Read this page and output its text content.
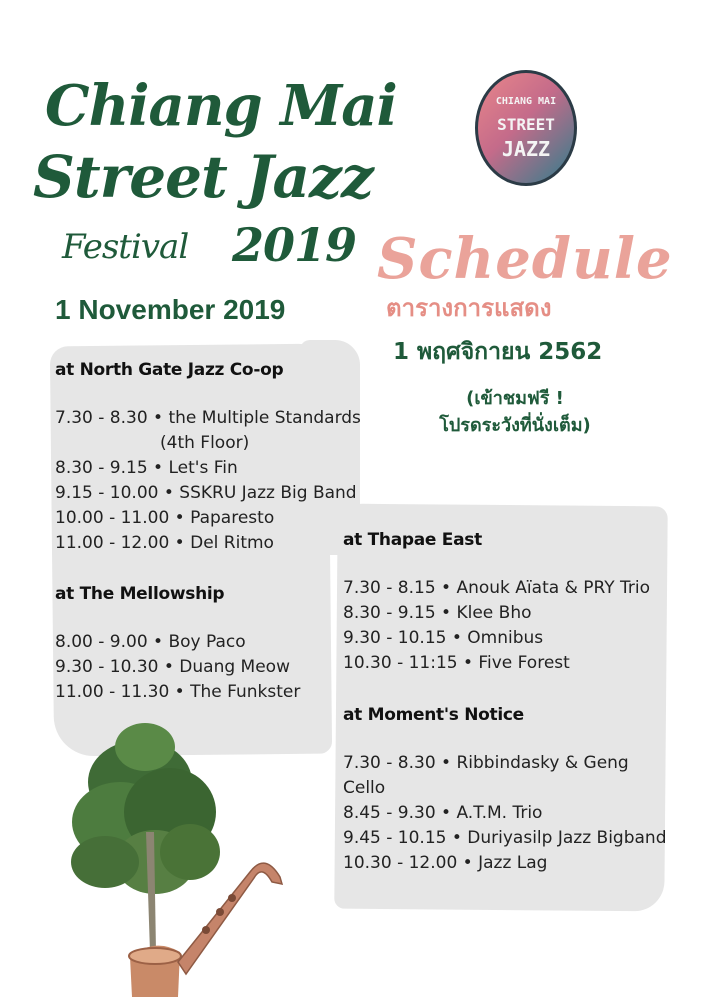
Chiang Mai
Street Jazz
Festival 2019
CHIANG MAI
STREET
JAZZ
1 November 2019
Schedule
ตารางการแสดง
1 พฤศจิกายน 2562
(เข้าชมฟรี !
โปรดระวังที่นั่งเต็ม)
at North Gate Jazz Co-op
7.30 - 8.30 • the Multiple Standards
(4th Floor)
8.30 - 9.15 • Let's Fin
9.15 - 10.00 • SSKRU Jazz Big Band
10.00 - 11.00 • Paparesto
11.00 - 12.00 • Del Ritmo
at The Mellowship
8.00 - 9.00 • Boy Paco
9.30 - 10.30 • Duang Meow
11.00 - 11.30 • The Funkster
at Thapae East
7.30 - 8.15 • Anouk Aïata & PRY Trio
8.30 - 9.15 • Klee Bho
9.30 - 10.15 • Omnibus
10.30 - 11:15 • Five Forest
at Moment's Notice
7.30 - 8.30 • Ribbindasky & Geng
Cello
8.45 - 9.30 • A.T.M. Trio
9.45 - 10.15 • Duriyasilp Jazz Bigband
10.30 - 12.00 • Jazz Lag
